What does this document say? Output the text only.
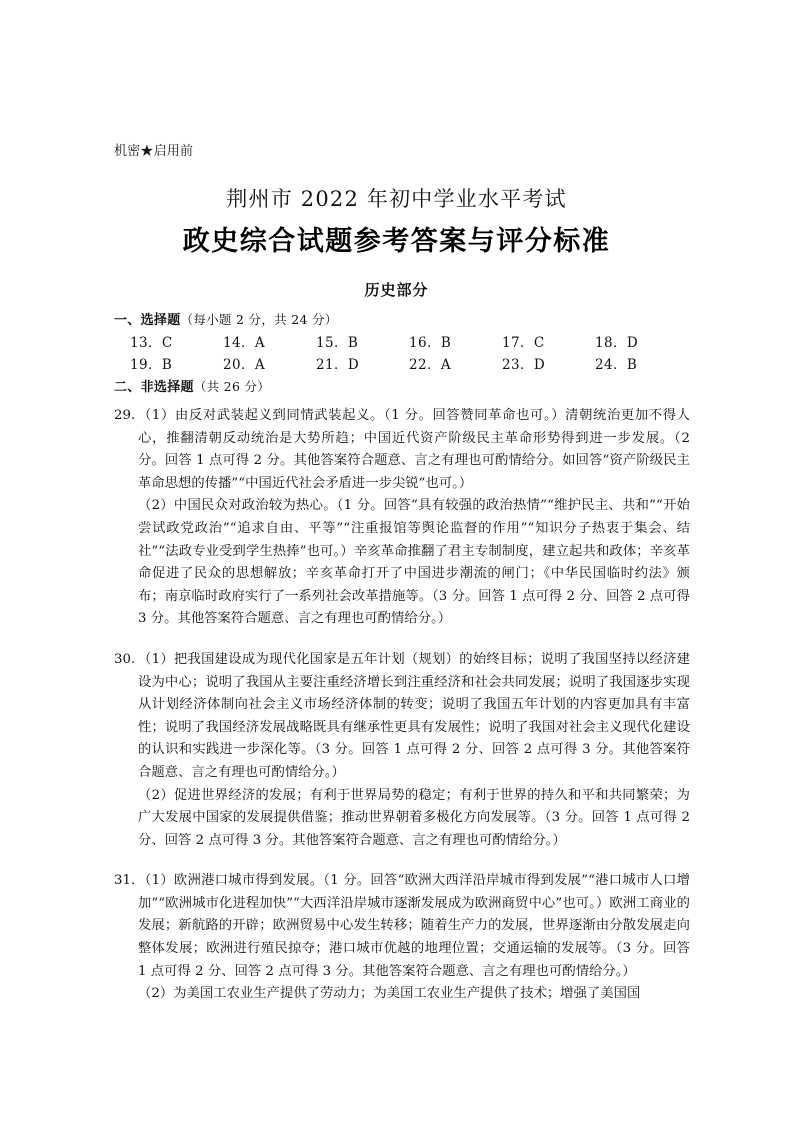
机密★启用前
荆州市 2022 年初中学业水平考试
政史综合试题参考答案与评分标准
历史部分
一、选择题（每小题 2 分，共 24 分）
13．C	14．A	15．B	16．B	17．C	18．D
19．B	20．A	21．D	22．A	23．D	24．B
二、非选择题（共 26 分）
29. （1）由反对武装起义到同情武装起义。（1 分。回答赞同革命也可。）清朝统治更加不得人心，推翻清朝反动统治是大势所趋；中国近代资产阶级民主革命形势得到进一步发展。（2 分。回答 1 点可得 2 分。其他答案符合题意、言之有理也可酌情给分。如回答“资产阶级民主革命思想的传播”“中国近代社会矛盾进一步尖锐”也可。）

（2）中国民众对政治较为热心。（1 分。回答“具有较强的政治热情”“维护民主、共和”“开始尝试政党政治”“追求自由、平等”“注重报馆等舆论监督的作用”“知识分子热衷于集会、结社”“法政专业受到学生热捧”也可。）辛亥革命推翻了君主专制制度，建立起共和政体；辛亥革命促进了民众的思想解放；辛亥革命打开了中国进步潮流的闸门；《中华民国临时约法》颁布；南京临时政府实行了一系列社会改革措施等。（3 分。回答 1 点可得 2 分、回答 2 点可得 3 分。其他答案符合题意、言之有理也可酌情给分。）

30. （1）把我国建设成为现代化国家是五年计划（规划）的始终目标；说明了我国坚持以经济建设为中心；说明了我国从主要注重经济增长到注重经济和社会共同发展；说明了我国逐步实现从计划经济体制向社会主义市场经济体制的转变；说明了我国五年计划的内容更加具有丰富性；说明了我国经济发展战略既具有继承性更具有发展性；说明了我国对社会主义现代化建设的认识和实践进一步深化等。（3 分。回答 1 点可得 2 分、回答 2 点可得 3 分。其他答案符合题意、言之有理也可酌情给分。）

（2）促进世界经济的发展；有利于世界局势的稳定；有利于世界的持久和平和共同繁荣；为广大发展中国家的发展提供借鉴；推动世界朝着多极化方向发展等。（3 分。回答 1 点可得 2 分、回答 2 点可得 3 分。其他答案符合题意、言之有理也可酌情给分。）

31. （1）欧洲港口城市得到发展。（1 分。回答“欧洲大西洋沿岸城市得到发展”“港口城市人口增加”“欧洲城市化进程加快”“大西洋沿岸城市逐渐发展成为欧洲商贸中心”也可。）欧洲工商业的发展；新航路的开辟；欧洲贸易中心发生转移；随着生产力的发展，世界逐渐由分散发展走向整体发展；欧洲进行殖民掠夺；港口城市优越的地理位置；交通运输的发展等。（3 分。回答 1 点可得 2 分、回答 2 点可得 3 分。其他答案符合题意、言之有理也可酌情给分。）

（2）为美国工农业生产提供了劳动力；为美国工农业生产提供了技术；增强了美国国
